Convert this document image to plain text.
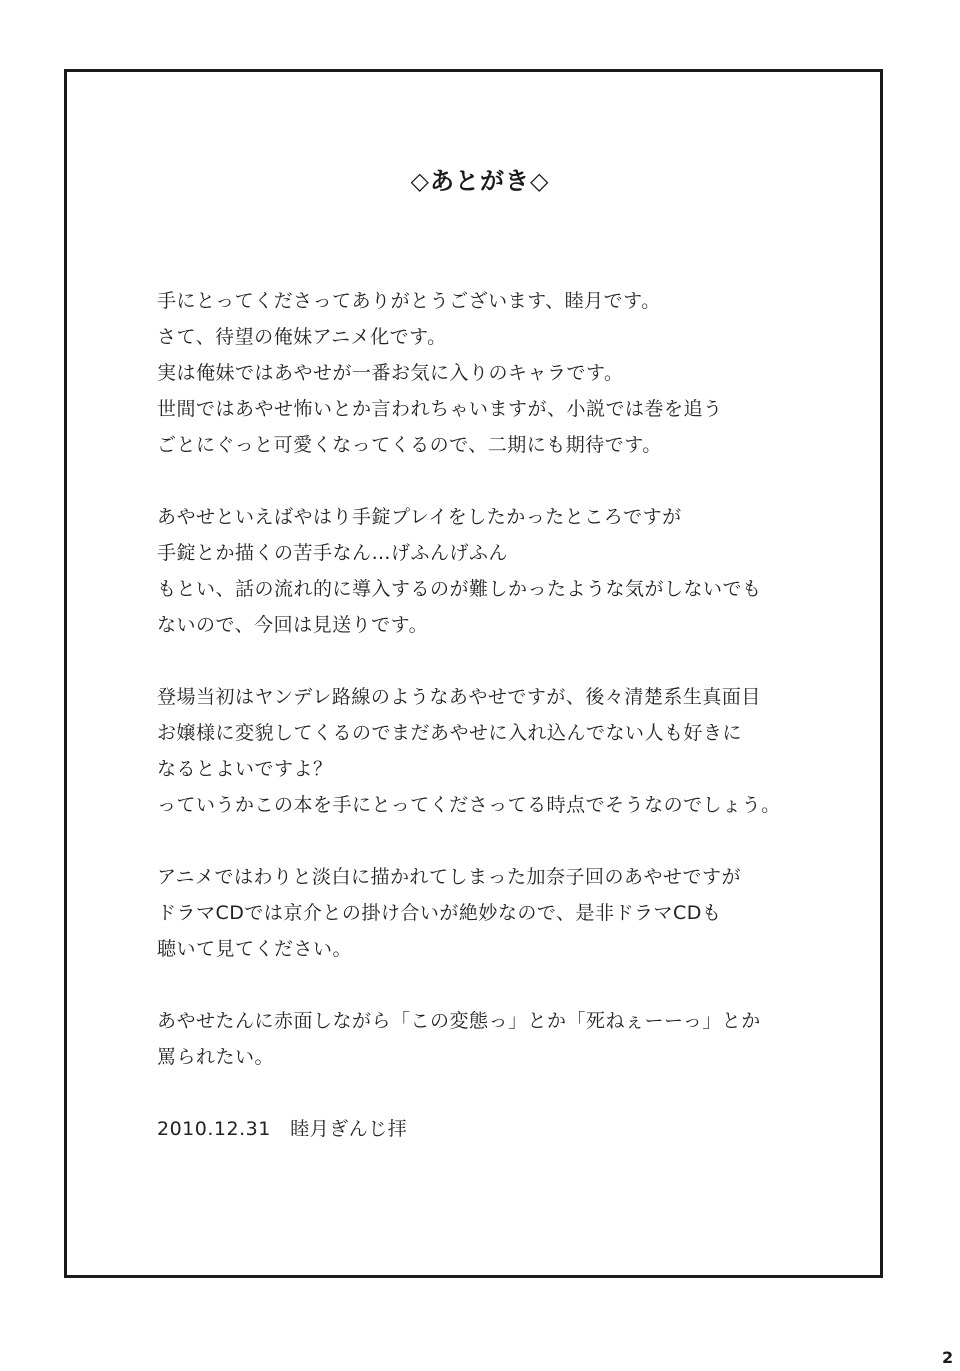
◇あとがき◇
手にとってくださってありがとうございます、睦月です。
さて、待望の俺妹アニメ化です。
実は俺妹ではあやせが一番お気に入りのキャラです。
世間ではあやせ怖いとか言われちゃいますが、小説では巻を追う
ごとにぐっと可愛くなってくるので、二期にも期待です。
あやせといえばやはり手錠プレイをしたかったところですが
手錠とか描くの苦手なん…げふんげふん
もとい、話の流れ的に導入するのが難しかったような気がしないでも
ないので、今回は見送りです。
登場当初はヤンデレ路線のようなあやせですが、後々清楚系生真面目
お嬢様に変貌してくるのでまだあやせに入れ込んでない人も好きに
なるとよいですよ？
っていうかこの本を手にとってくださってる時点でそうなのでしょう。
アニメではわりと淡白に描かれてしまった加奈子回のあやせですが
ドラマCDでは京介との掛け合いが絶妙なので、是非ドラマCDも
聴いて見てください。
あやせたんに赤面しながら「この変態っ」とか「死ねぇーーっ」とか
罵られたい。
2010.12.31　睦月ぎんじ拝
2
